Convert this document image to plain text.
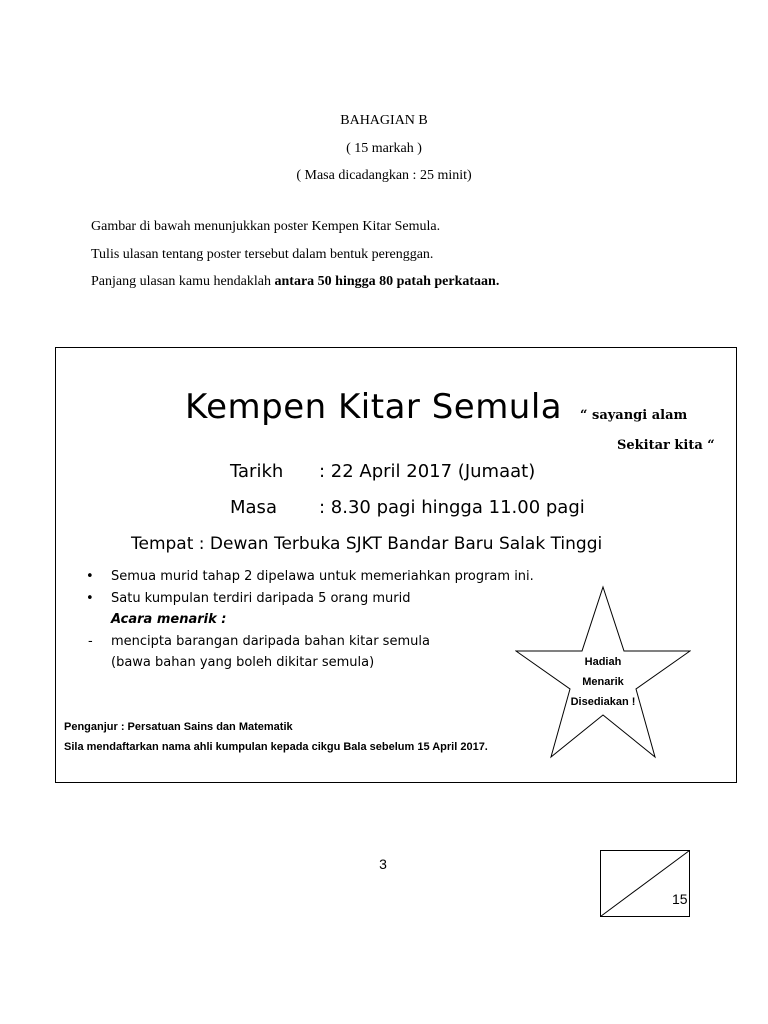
BAHAGIAN B
( 15 markah )
( Masa dicadangkan : 25 minit)
Gambar di bawah menunjukkan poster Kempen Kitar Semula.
Tulis ulasan tentang poster tersebut dalam bentuk perenggan.
Panjang ulasan kamu hendaklah antara 50 hingga 80 patah perkataan.
Kempen Kitar Semula “ sayangi alam
Sekitar kita “
Tarikh : 22 April 2017 (Jumaat)
Masa : 8.30 pagi hingga 11.00 pagi
Tempat : Dewan Terbuka SJKT Bandar Baru Salak Tinggi
• Semua murid tahap 2 dipelawa untuk memeriahkan program ini.
• Satu kumpulan terdiri daripada 5 orang murid
Acara menarik :
- mencipta barangan daripada bahan kitar semula
(bawa bahan yang boleh dikitar semula)
Penganjur : Persatuan Sains dan Matematik
Sila mendaftarkan nama ahli kumpulan kepada cikgu Bala sebelum 15 April 2017.
Hadiah
Menarik
Disediakan !
3
15
